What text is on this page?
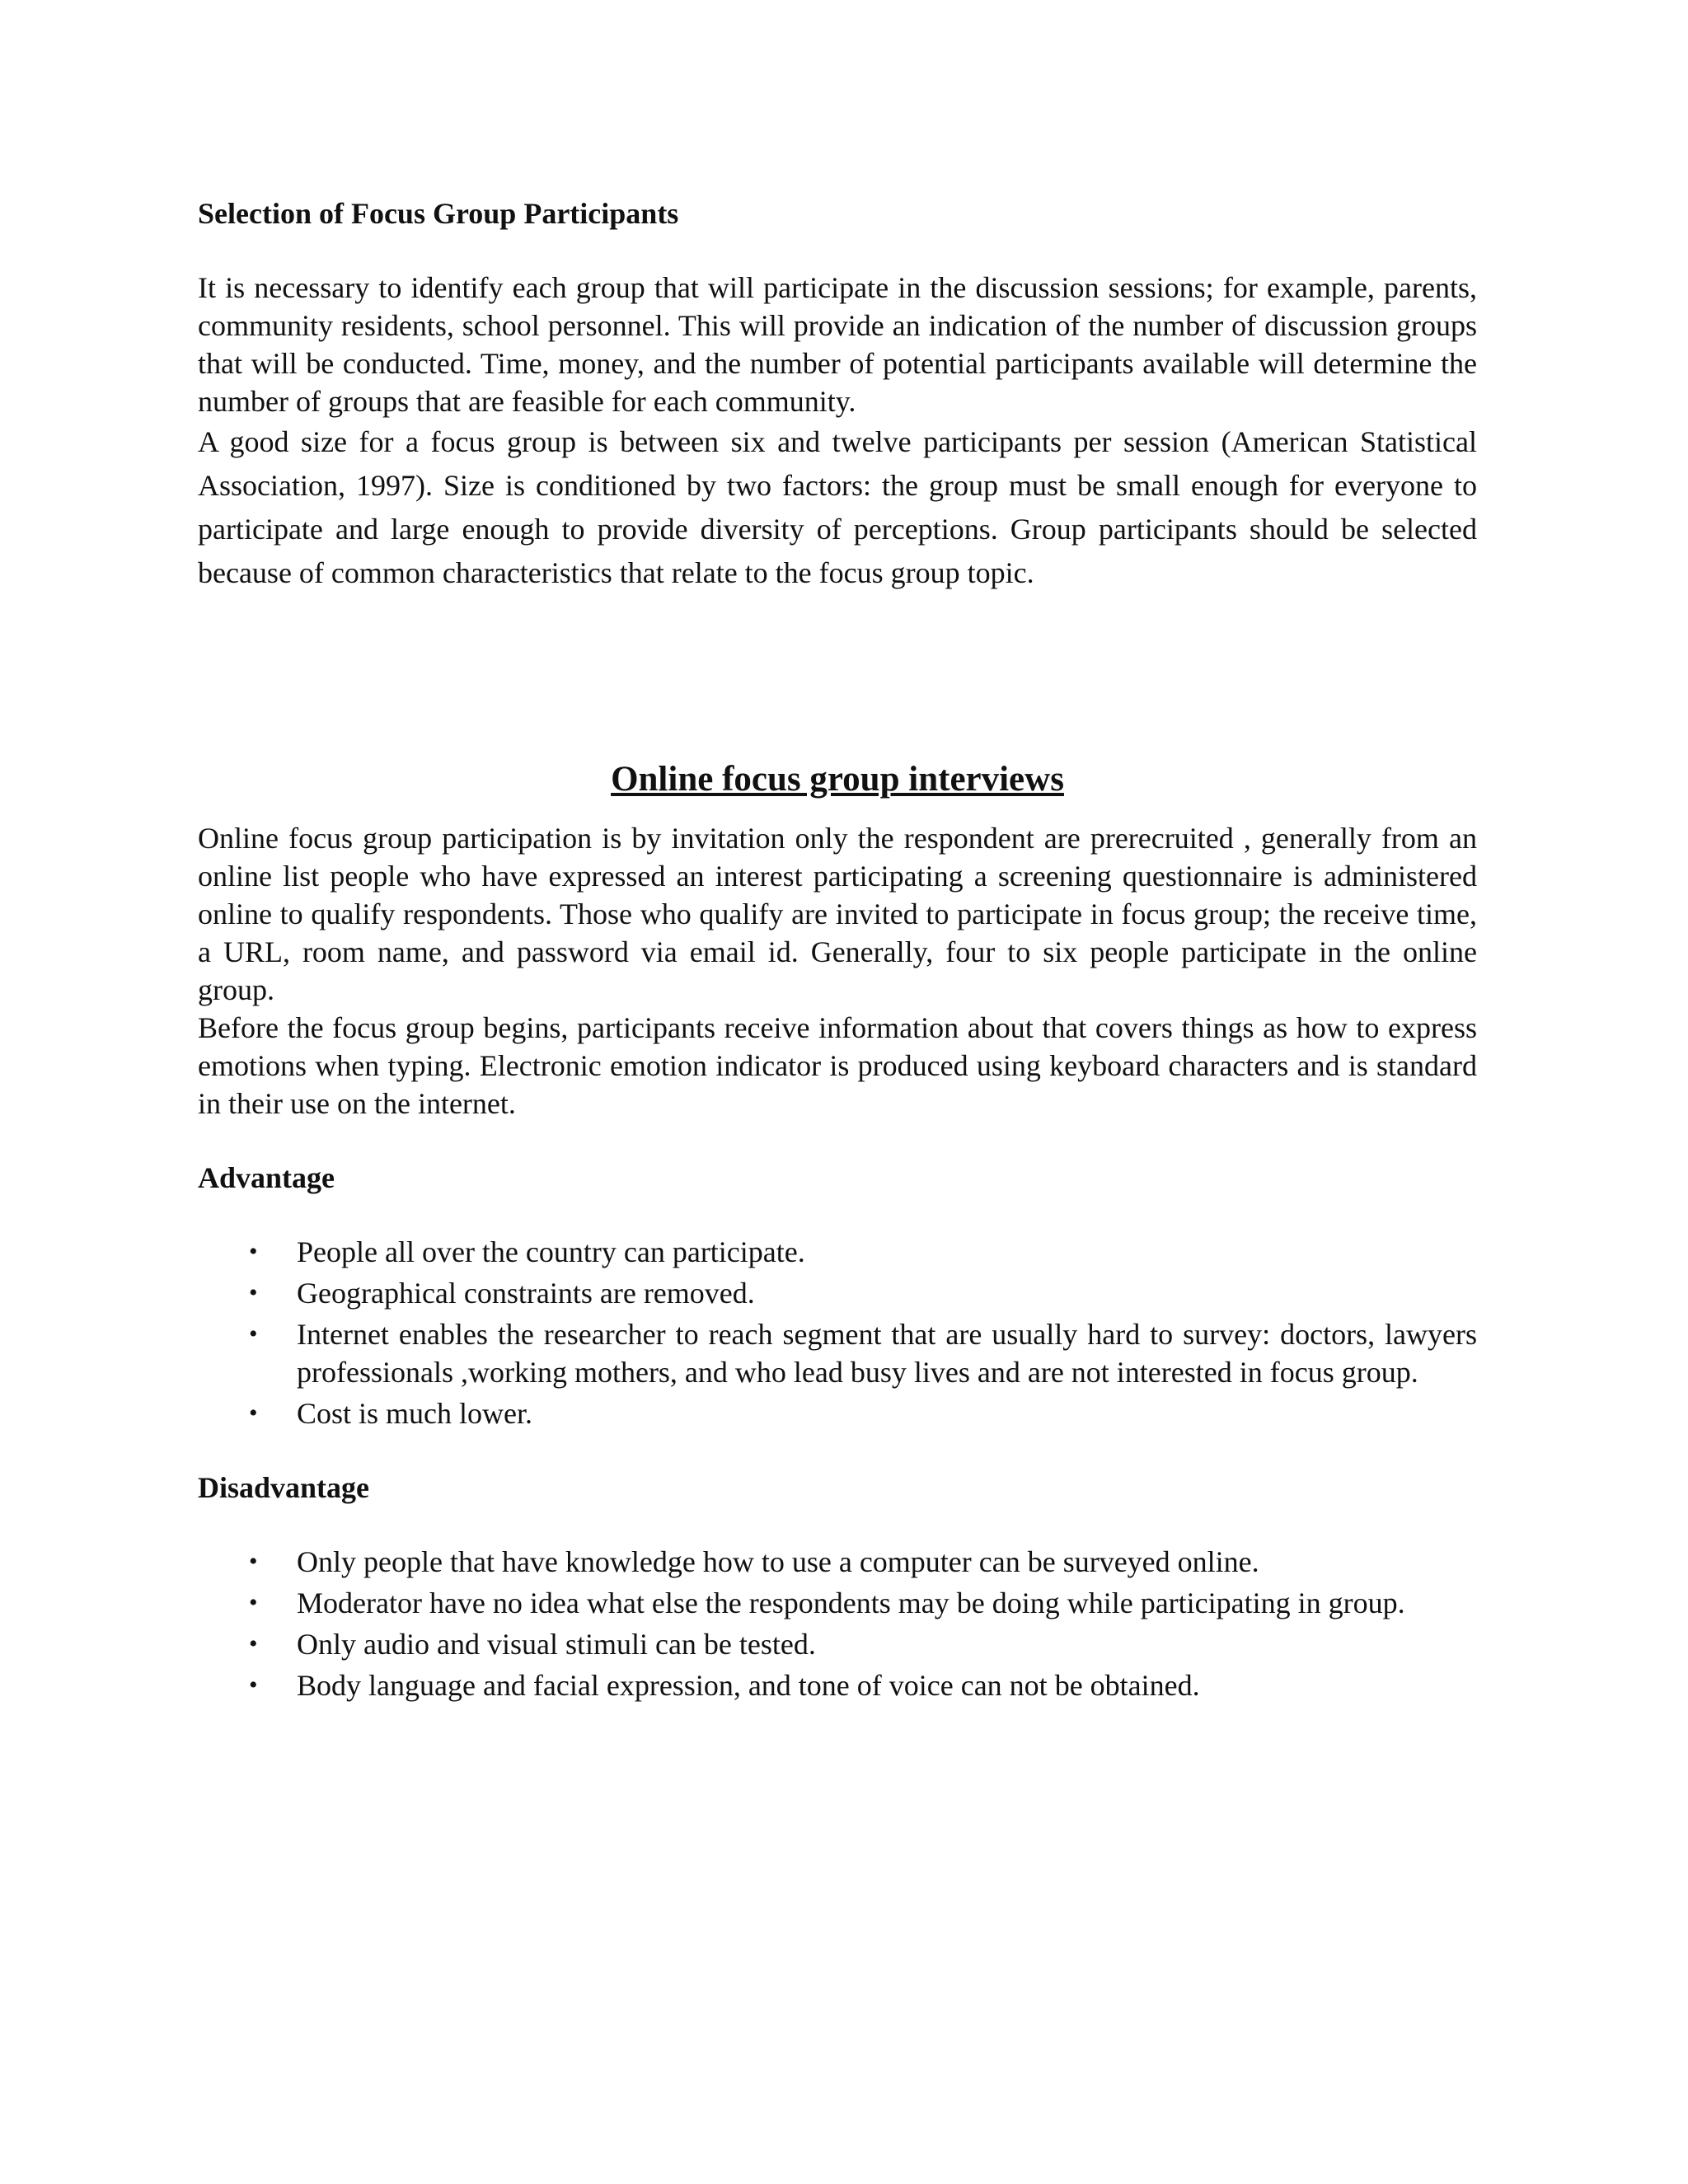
Selection of Focus Group Participants

It is necessary to identify each group that will participate in the discussion sessions; for example, parents, community residents, school personnel. This will provide an indication of the number of discussion groups that will be conducted. Time, money, and the number of potential participants available will determine the number of groups that are feasible for each community.

A good size for a focus group is between six and twelve participants per session (American Statistical Association, 1997). Size is conditioned by two factors: the group must be small enough for everyone to participate and large enough to provide diversity of perceptions. Group participants should be selected because of common characteristics that relate to the focus group topic.

Online focus group interviews

Online focus group participation is by invitation only the respondent are prerecruited , generally from an online list people who have expressed an interest participating a screening questionnaire is administered online to qualify respondents. Those who qualify are invited to participate in focus group; the receive time, a URL, room name, and password via email id. Generally, four to six people participate in the online group.

Before the focus group begins, participants receive information about that covers things as how to express emotions when typing. Electronic emotion indicator is produced using keyboard characters and is standard in their use on the internet.

Advantage
• People all over the country can participate.
• Geographical constraints are removed.
• Internet enables the researcher to reach segment that are usually hard to survey: doctors, lawyers professionals ,working mothers, and who lead busy lives and are not interested in focus group.
• Cost is much lower.
Disadvantage
• Only people that have knowledge how to use a computer can be surveyed online.
• Moderator have no idea what else the respondents may be doing while participating in group.
• Only audio and visual stimuli can be tested.
• Body language and facial expression, and tone of voice can not be obtained.
